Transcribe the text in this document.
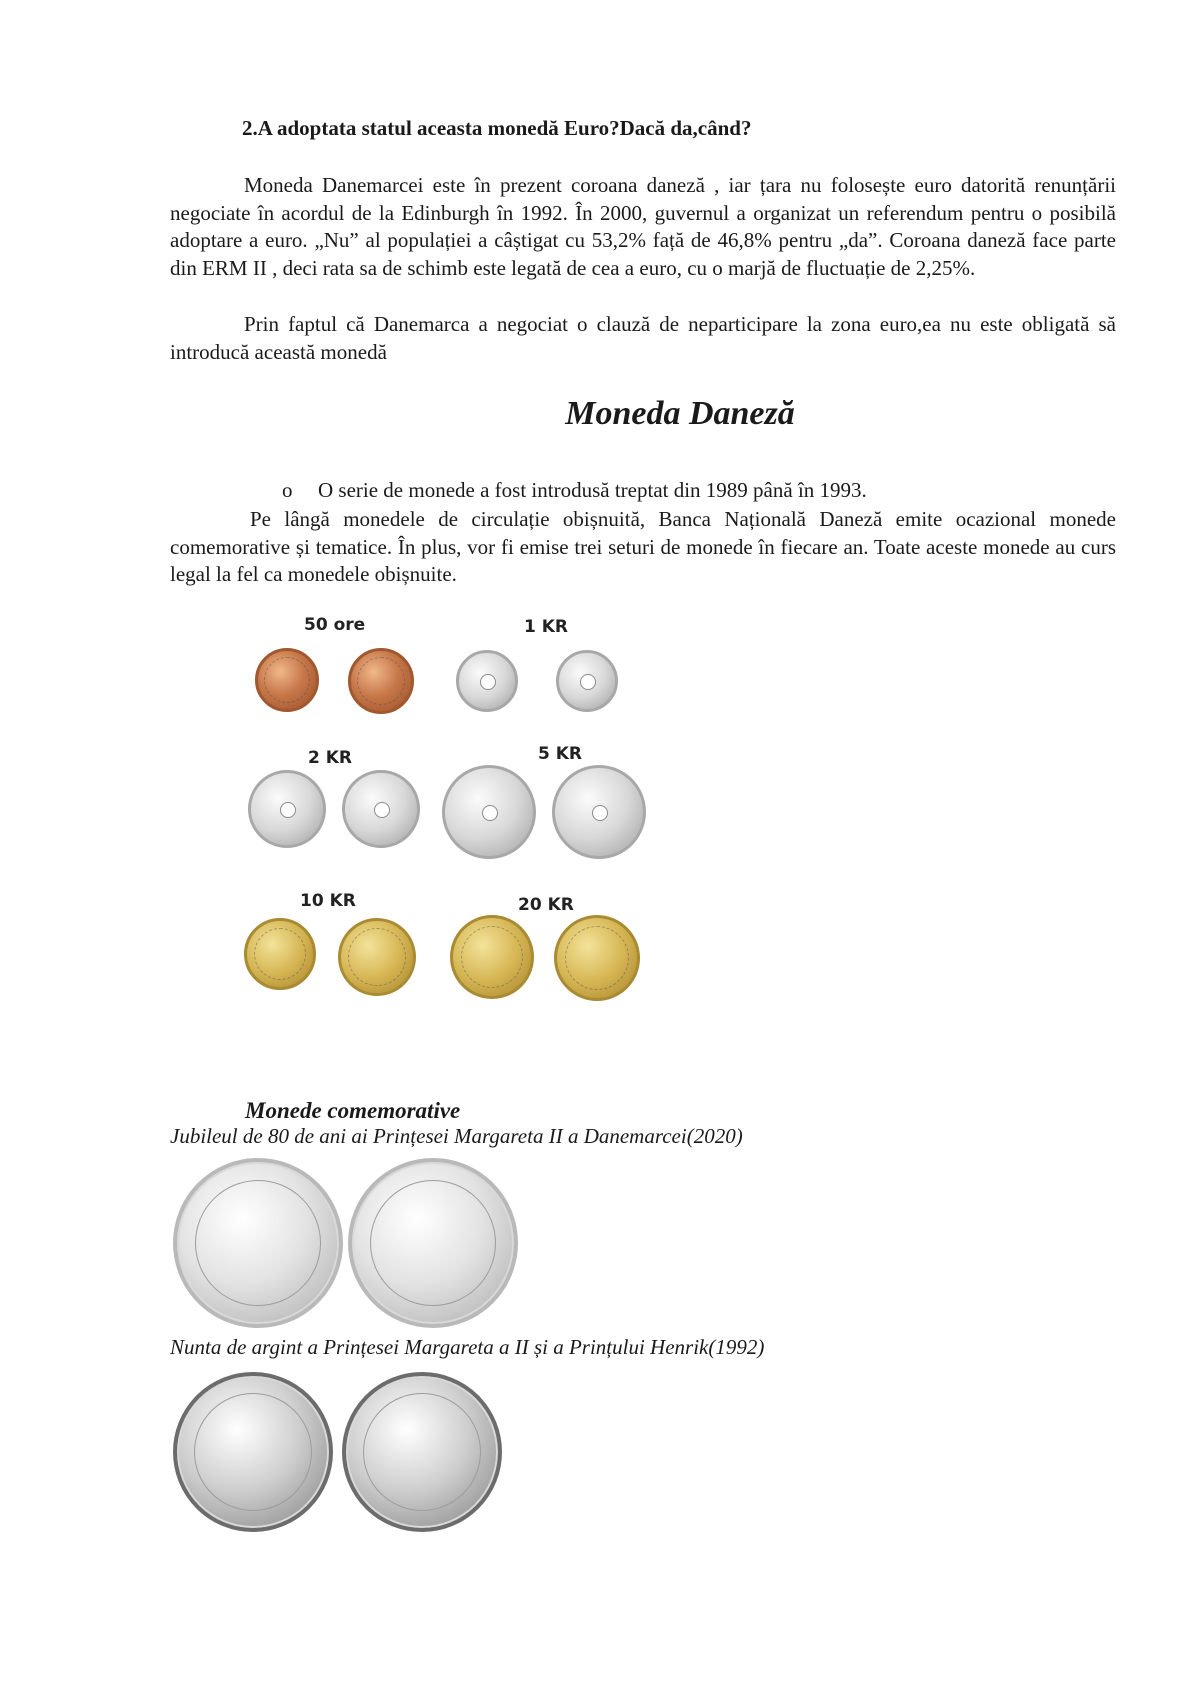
2.A adoptata statul aceasta monedă Euro?Dacă da,când?

Moneda Danemarcei este în prezent coroana daneză , iar țara nu folosește euro datorită renunțării negociate în acordul de la Edinburgh în 1992. În 2000, guvernul a organizat un referendum pentru o posibilă adoptare a euro. „Nu” al populației a câștigat cu 53,2% față de 46,8% pentru „da”. Coroana daneză face parte din ERM II , deci rata sa de schimb este legată de cea a euro, cu o marjă de fluctuație de 2,25%.

Prin faptul că Danemarca a negociat o clauză de neparticipare la zona euro,ea nu este obligată să introducă această monedă

Moneda Daneză
o O serie de monede a fost introdusă treptat din 1989 până în 1993.

Pe lângă monedele de circulație obișnuită, Banca Națională Daneză emite ocazional monede comemorative și tematice. În plus, vor fi emise trei seturi de monede în fiecare an. Toate aceste monede au curs legal la fel ca monedele obișnuite.

50 ore	1 KR
2 KR	5 KR
10 KR	20 KR
Monede comemorative
Jubileul de 80 de ani ai Prințesei Margareta II a Danemarcei(2020)
Nunta de argint a Prințesei Margareta a II și a Prințului Henrik(1992)
